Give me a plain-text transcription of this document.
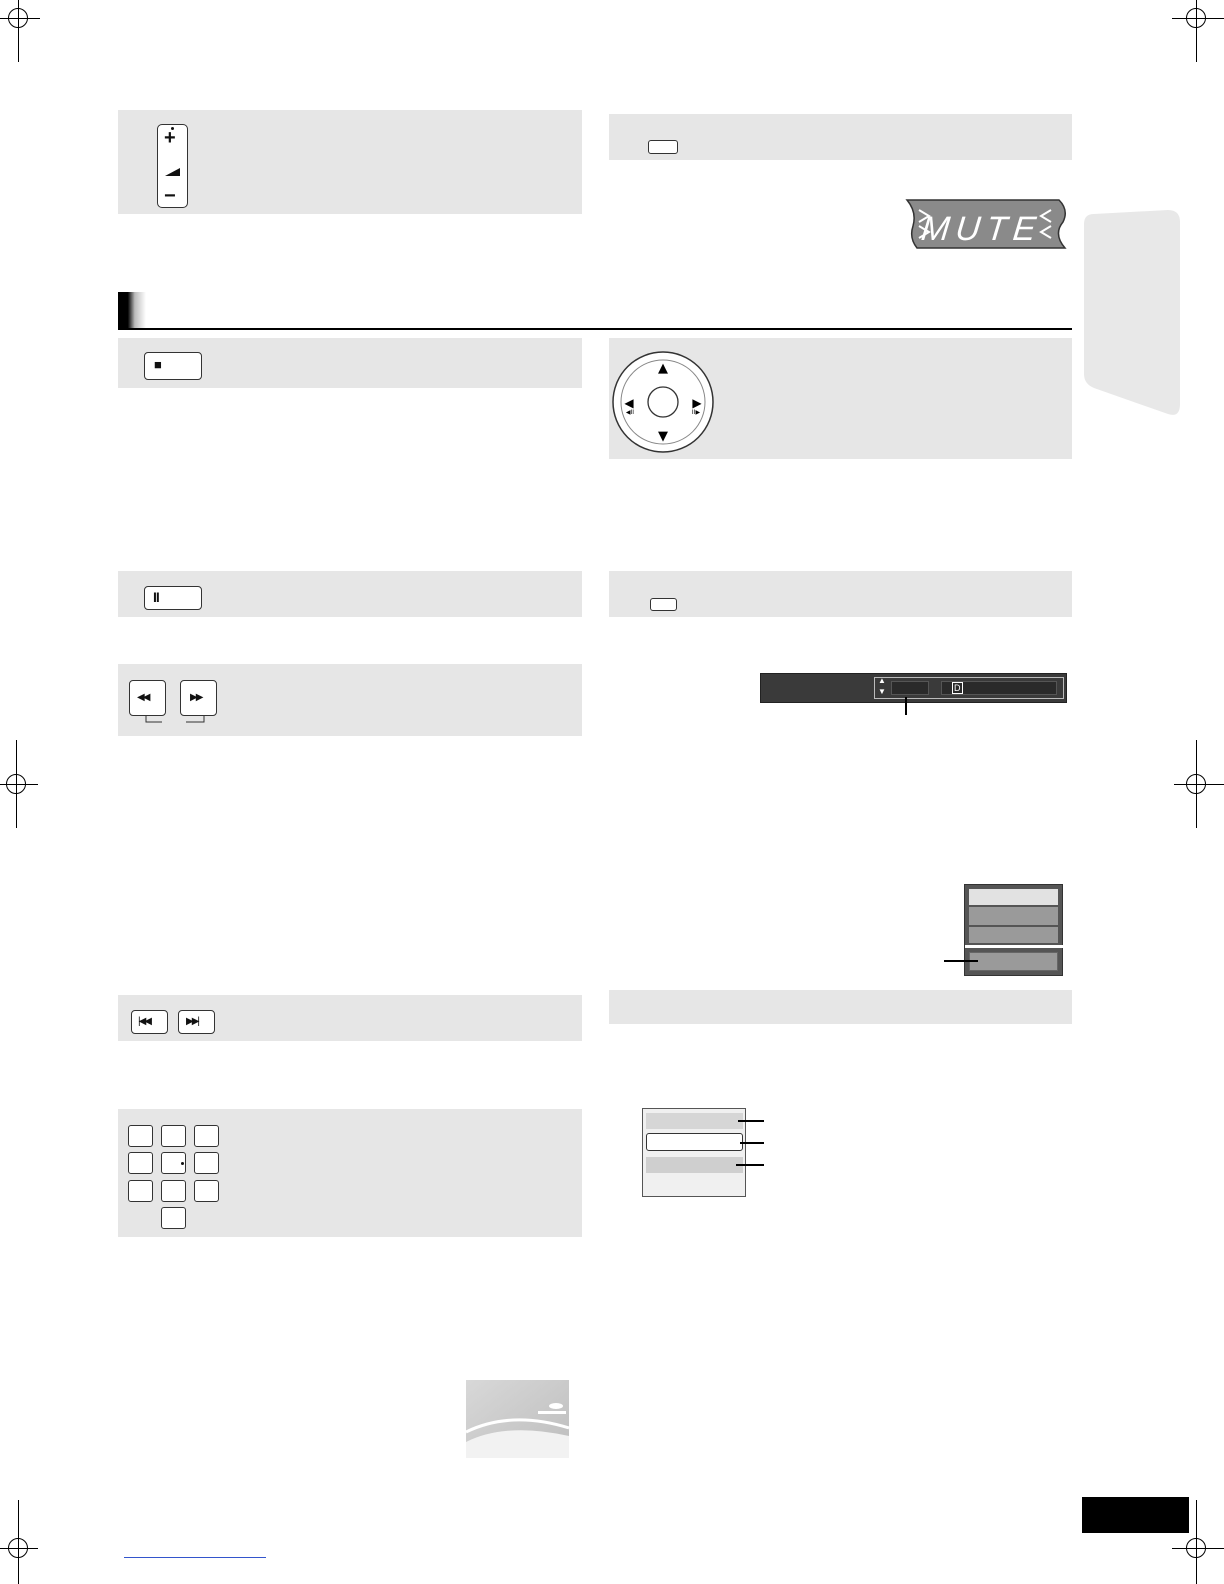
+
−
MUTE
■
II
◀◀	▶▶
|◀◀	▶▶|
▲
▼
◀	▶
◀II	II▶
▲
▼	D
